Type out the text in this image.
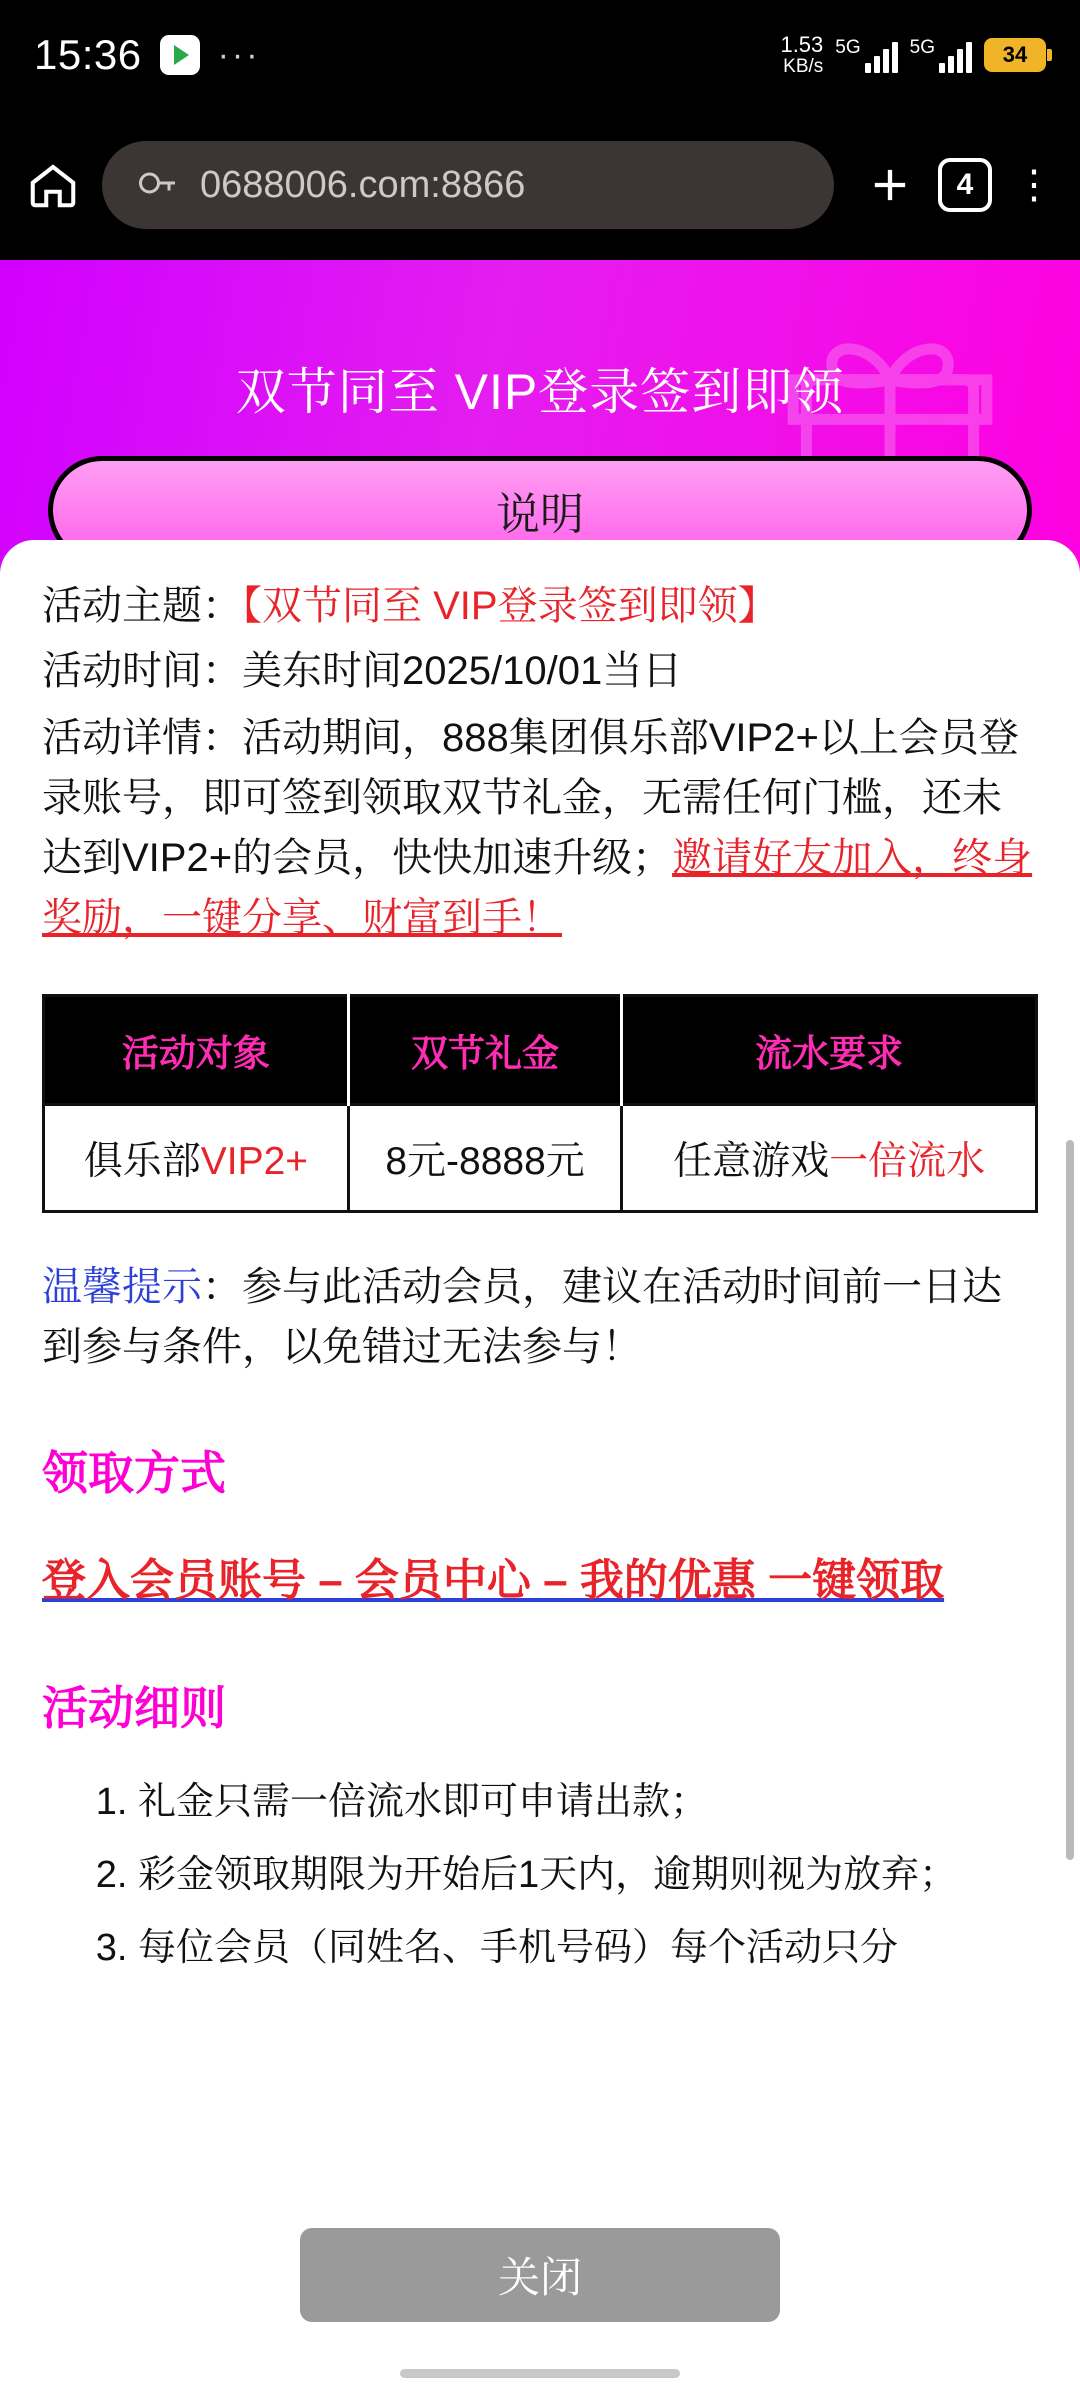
15:36 ···	1.53
KB/s
5G	5G	34
0688006.com:8866	4	⋮
双节同至 VIP登录签到即领
说明

活动主题：【双节同至 VIP登录签到即领】

活动时间：美东时间2025/10/01当日

活动详情：活动期间，888集团俱乐部VIP2+以上会员登录账号，即可签到领取双节礼金，无需任何门槛，还未达到VIP2+的会员，快快加速升级；邀请好友加入，终身奖励，一键分享、财富到手！

活动对象	双节礼金	流水要求
俱乐部VIP2+	8元-8888元	任意游戏一倍流水

温馨提示：参与此活动会员，建议在活动时间前一日达到参与条件，以免错过无法参与！

领取方式
登入会员账号 – 会员中心 – 我的优惠 一键领取
活动细则
1. 礼金只需一倍流水即可申请出款；
2. 彩金领取期限为开始后1天内，逾期则视为放弃；
3. 每位会员（同姓名、手机号码）每个活动只分
关闭
